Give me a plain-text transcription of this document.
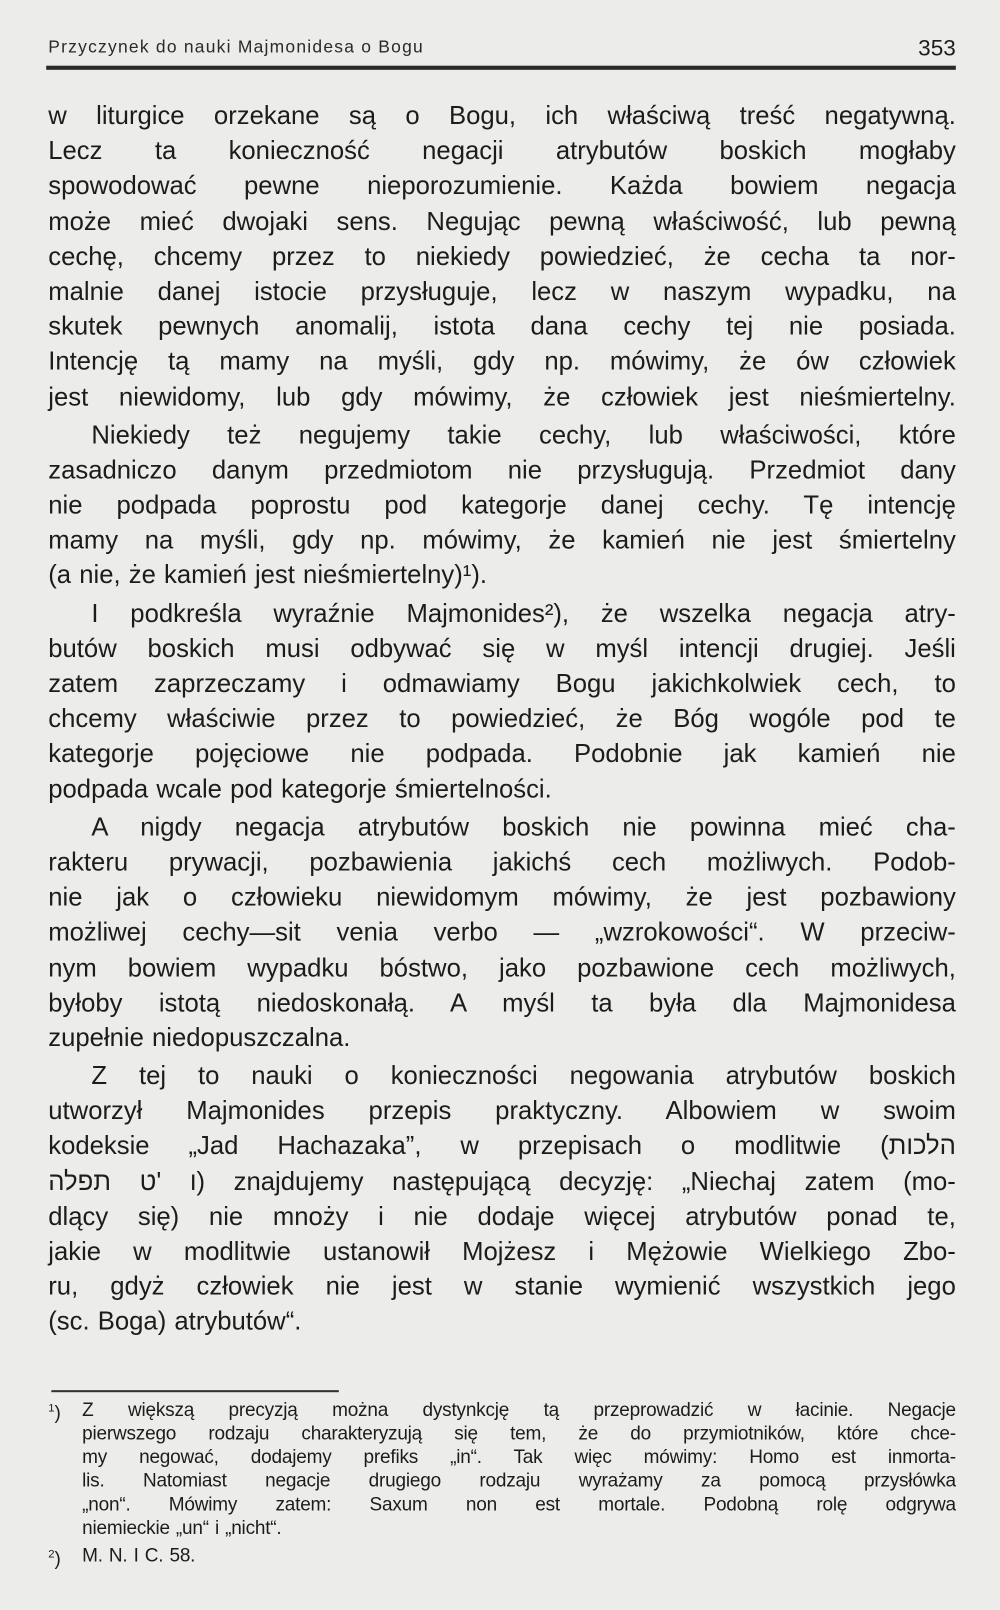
Przyczynek do nauki Majmonidesa o Bogu	353
w liturgice orzekane są o Bogu, ich właściwą treść negatywną.
Lecz ta konieczność negacji atrybutów boskich mogłaby
spowodować pewne nieporozumienie. Każda bowiem negacja
może mieć dwojaki sens. Negując pewną właściwość, lub pewną
cechę, chcemy przez to niekiedy powiedzieć, że cecha ta nor-
malnie danej istocie przysługuje, lecz w naszym wypadku, na
skutek pewnych anomalij, istota dana cechy tej nie posiada.
Intencję tą mamy na myśli, gdy np. mówimy, że ów człowiek
jest niewidomy, lub gdy mówimy, że człowiek jest nieśmiertelny.
Niekiedy też negujemy takie cechy, lub właściwości, które
zasadniczo danym przedmiotom nie przysługują. Przedmiot dany
nie podpada poprostu pod kategorje danej cechy. Tę intencję
mamy na myśli, gdy np. mówimy, że kamień nie jest śmiertelny
(a nie, że kamień jest nieśmiertelny)¹).
I podkreśla wyraźnie Majmonides²), że wszelka negacja atry-
butów boskich musi odbywać się w myśl intencji drugiej. Jeśli
zatem zaprzeczamy i odmawiamy Bogu jakichkolwiek cech, to
chcemy właściwie przez to powiedzieć, że Bóg wogóle pod te
kategorje pojęciowe nie podpada. Podobnie jak kamień nie
podpada wcale pod kategorje śmiertelności.
A nigdy negacja atrybutów boskich nie powinna mieć cha-
rakteru prywacji, pozbawienia jakichś cech możliwych. Podob-
nie jak o człowieku niewidomym mówimy, że jest pozbawiony
możliwej cechy—sit venia verbo — „wzrokowości“. W przeciw-
nym bowiem wypadku bóstwo, jako pozbawione cech możliwych,
byłoby istotą niedoskonałą. A myśl ta była dla Majmonidesa
zupełnie niedopuszczalna.
Z tej to nauki o konieczności negowania atrybutów boskich
utworzył Majmonides przepis praktyczny. Albowiem w swoim
kodeksie „Jad Hachazaka”, w przepisach o modlitwie (הלכות
ו 'ט תפלה) znajdujemy następującą decyzję: „Niechaj zatem (mo-
dlący się) nie mnoży i nie dodaje więcej atrybutów ponad te,
jakie w modlitwie ustanowił Mojżesz i Mężowie Wielkiego Zbo-
ru, gdyż człowiek nie jest w stanie wymienić wszystkich jego
(sc. Boga) atrybutów“.
$^1$) Z większą precyzją można dystynkcję tą przeprowadzić w łacinie. Negacje
pierwszego rodzaju charakteryzują się tem, że do przymiotników, które chce-
my negować, dodajemy prefiks „in“. Tak więc mówimy: Homo est inmorta-
lis. Natomiast negacje drugiego rodzaju wyrażamy za pomocą przysłówka
„non“. Mówimy zatem: Saxum non est mortale. Podobną rolę odgrywa
niemieckie „un“ i „nicht“.
$^2$) M. N. I C. 58.
